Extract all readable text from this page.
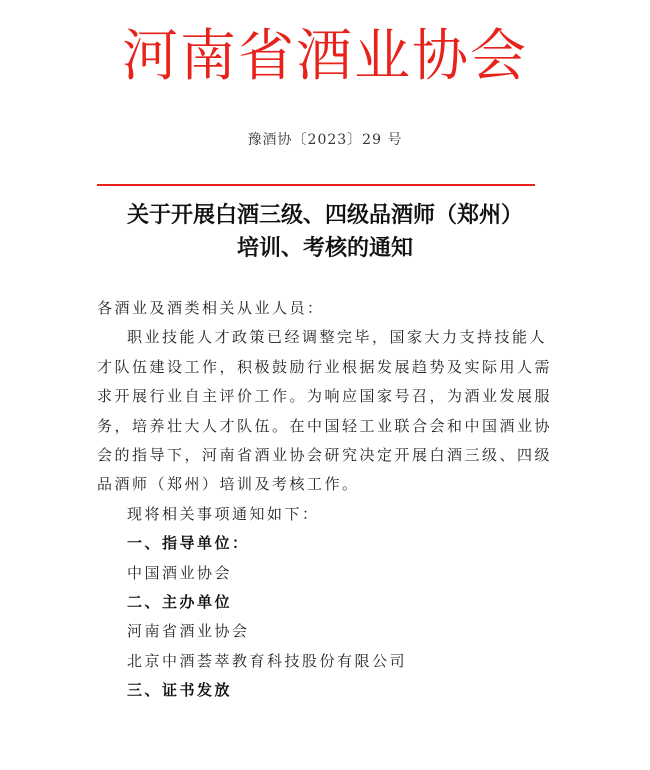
河南省酒业协会
豫酒协〔2023〕29 号
关于开展白酒三级、四级品酒师（郑州）
培训、考核的通知

各酒业及酒类相关从业人员：

职业技能人才政策已经调整完毕，国家大力支持技能人才队伍建设工作，积极鼓励行业根据发展趋势及实际用人需求开展行业自主评价工作。为响应国家号召，为酒业发展服务，培养壮大人才队伍。在中国轻工业联合会和中国酒业协会的指导下，河南省酒业协会研究决定开展白酒三级、四级品酒师（郑州）培训及考核工作。

现将相关事项通知如下：

一、指导单位：

中国酒业协会

二、主办单位

河南省酒业协会

北京中酒荟萃教育科技股份有限公司

三、证书发放
